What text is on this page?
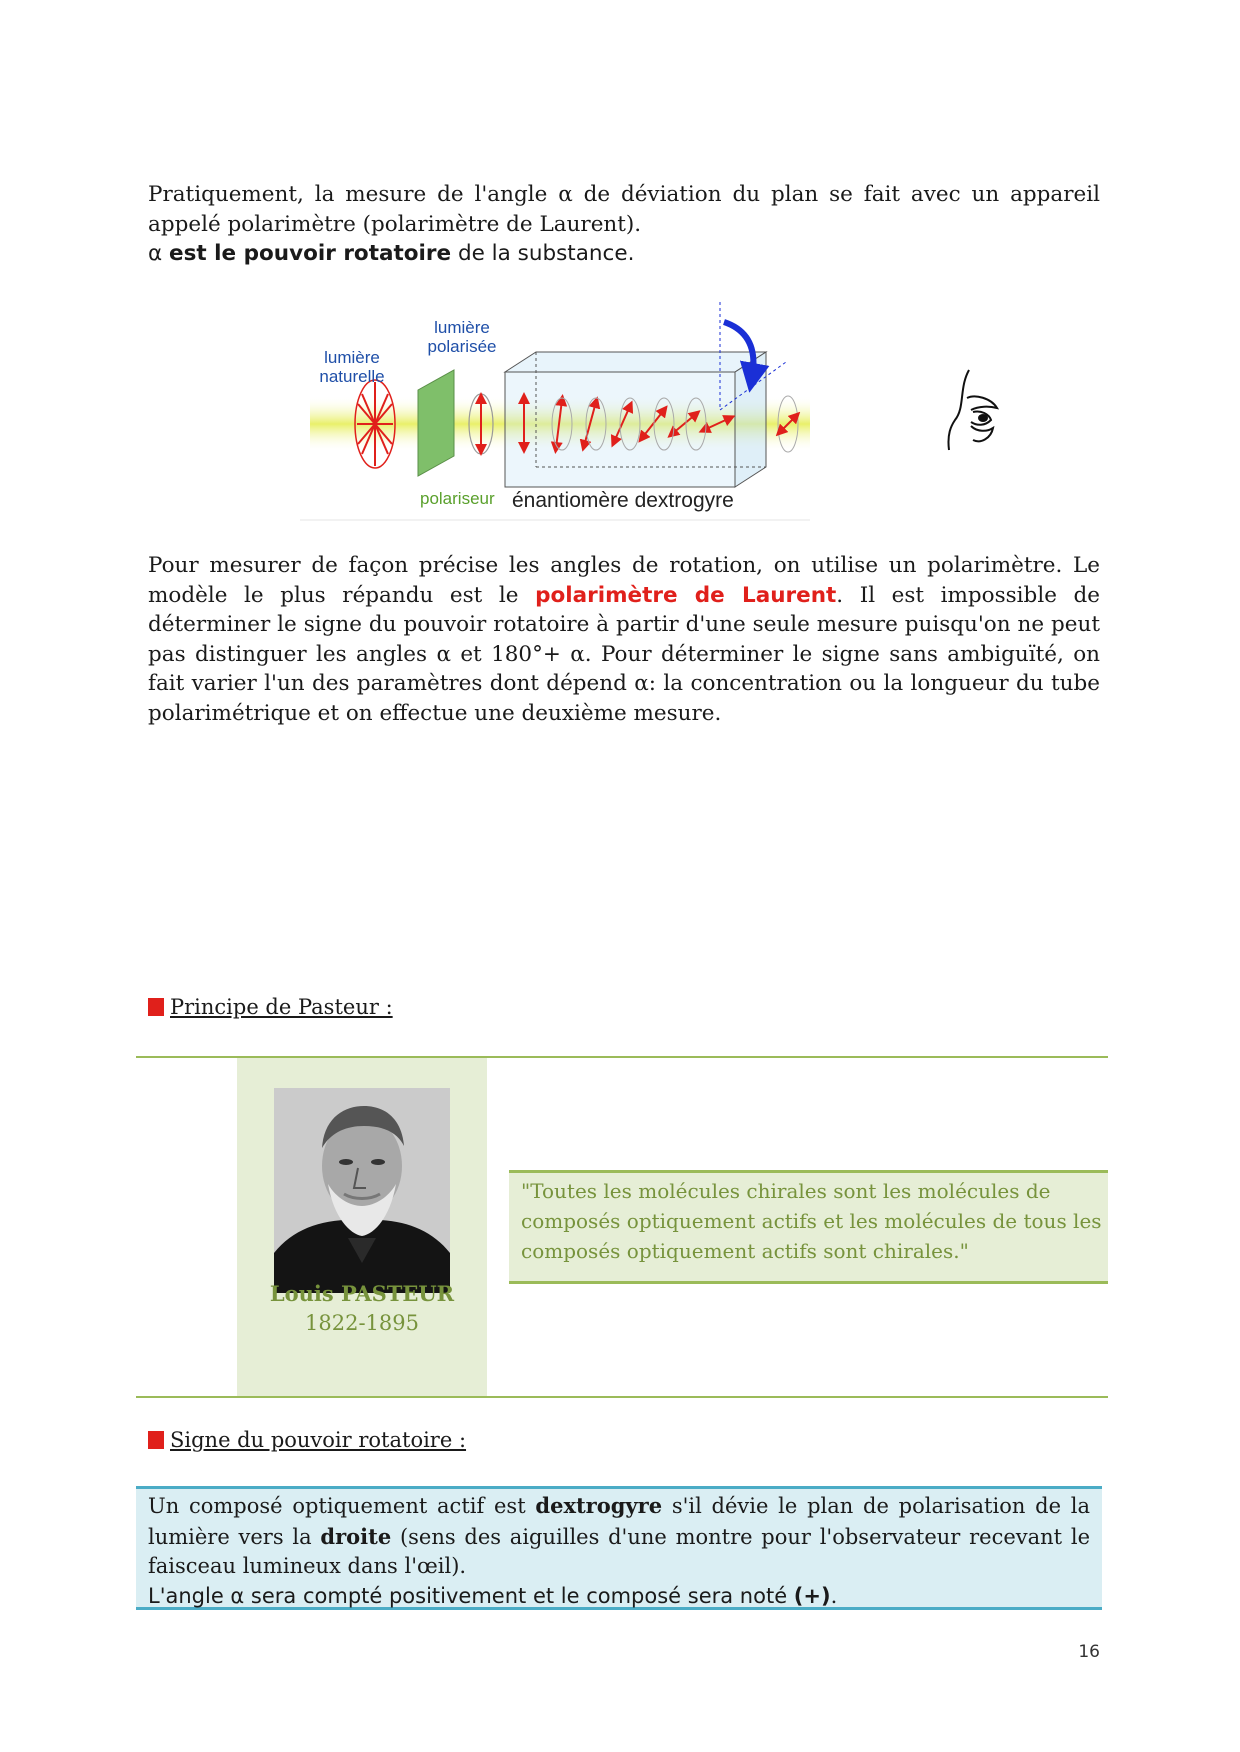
Pratiquement, la mesure de l'angle α de déviation du plan se fait avec un appareil appelé polarimètre (polarimètre de Laurent).
α est le pouvoir rotatoire de la substance.

lumière
naturelle
lumière
polarisée
polariseur énantiomère dextrogyre

Pour mesurer de façon précise les angles de rotation, on utilise un polarimètre. Le modèle le plus répandu est le polarimètre de Laurent. Il est impossible de déterminer le signe du pouvoir rotatoire à partir d'une seule mesure puisqu'on ne peut pas distinguer les angles α et 180°+ α. Pour déterminer le signe sans ambiguïté, on fait varier l'un des paramètres dont dépend α: la concentration ou la longueur du tube polarimétrique et on effectue une deuxième mesure.

Principe de Pasteur :
Louis PASTEUR
1822-1895
"Toutes les molécules chirales sont les molécules de composés optiquement actifs et les molécules de tous les composés optiquement actifs sont chirales."
Signe du pouvoir rotatoire :
Un composé optiquement actif est dextrogyre s'il dévie le plan de polarisation de la lumière vers la droite (sens des aiguilles d'une montre pour l'observateur recevant le faisceau lumineux dans l'œil).
L'angle α sera compté positivement et le composé sera noté (+).
16
